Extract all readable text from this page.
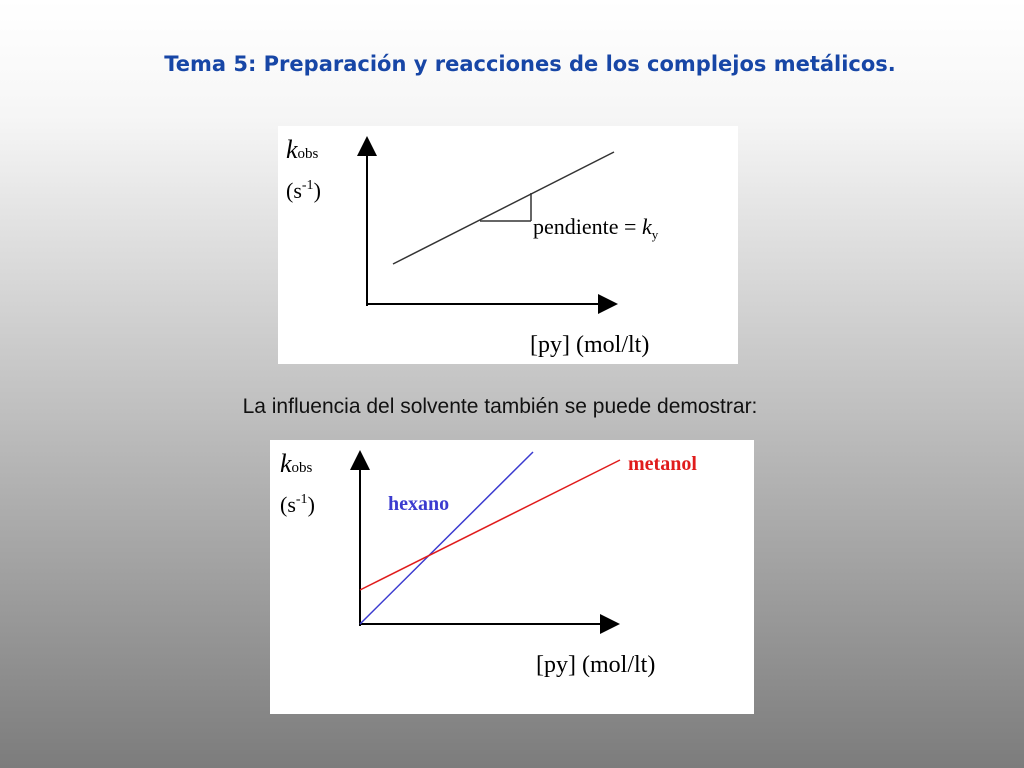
Tema 5: Preparación y reacciones de los complejos metálicos.
kobs
$(s^{-1})$
pendiente = $k_y$
[py] (mol/lt)
La influencia del solvente también se puede demostrar:
kobs
$(s^{-1})$	hexano
metanol
[py] (mol/lt)
